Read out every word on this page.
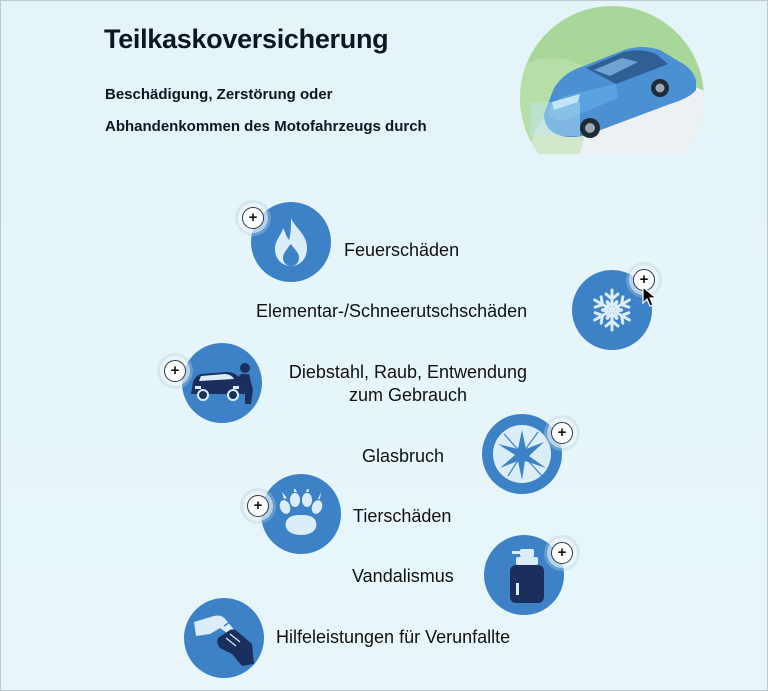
Teilkaskoversicherung
Beschädigung, Zerstörung oder
Abhandenkommen des Motofahrzeugs durch
+
Feuerschäden
+
Elementar-/Schneerutschschäden
+	Diebstahl, Raub, Entwendung
zum Gebrauch
+
Glasbruch
+
Tierschäden
+
Vandalismus
Hilfeleistungen für Verunfallte
